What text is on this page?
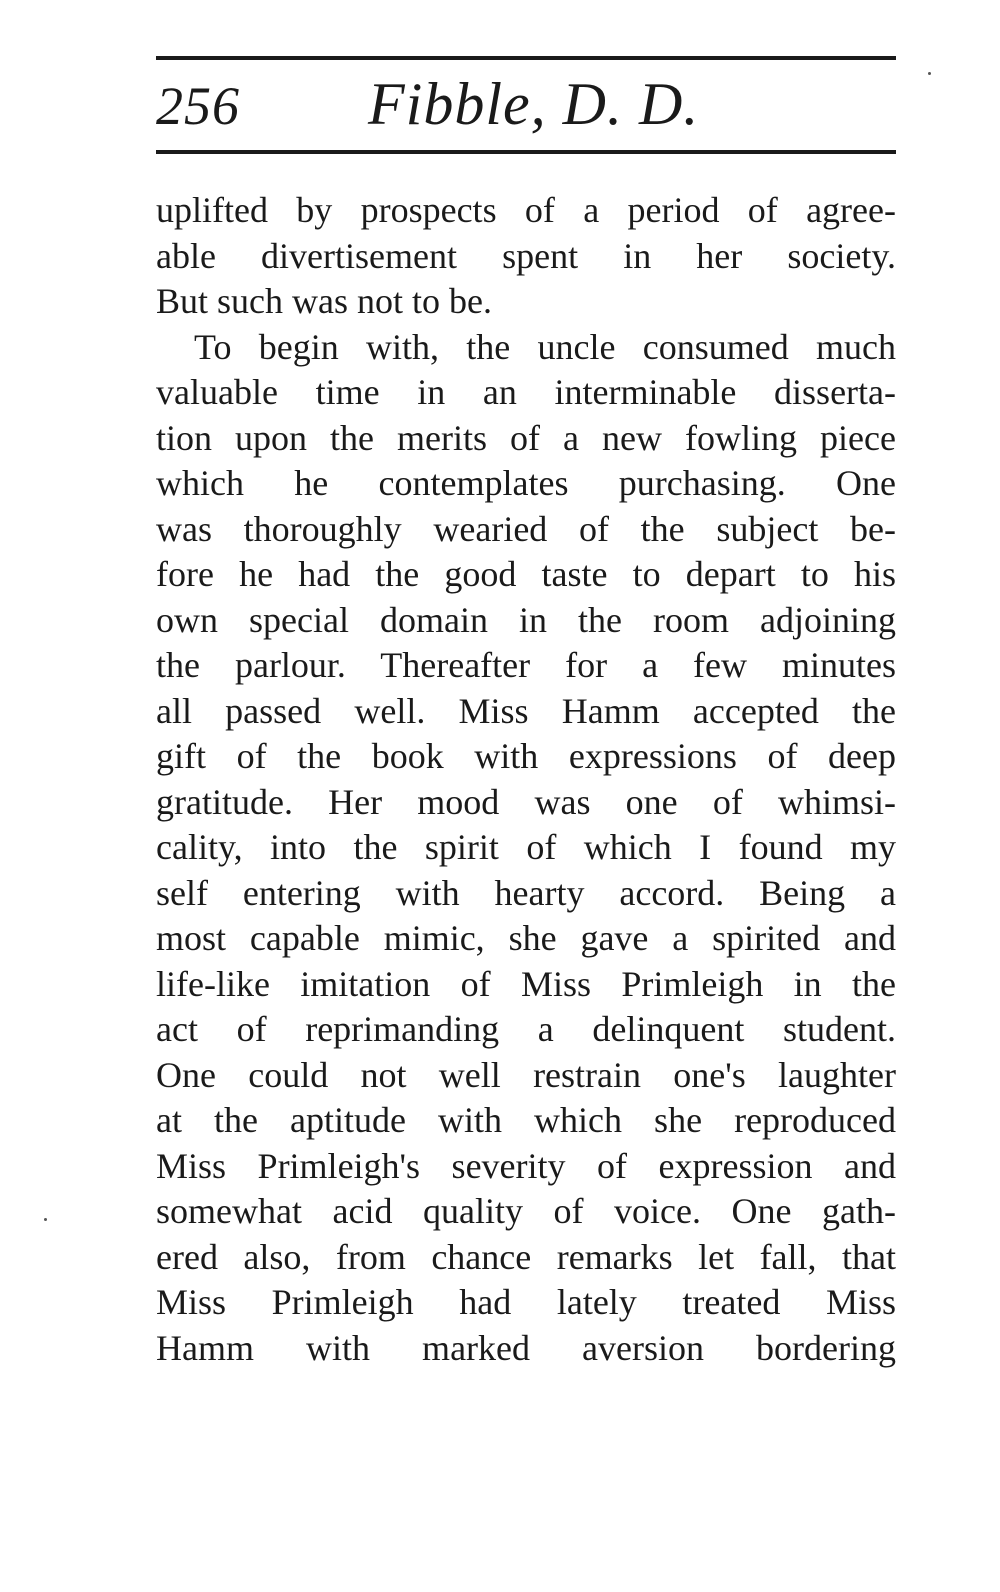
256 Fibble, D. D.
uplifted by prospects of a period of agree-
able divertisement spent in her society.
But such was not to be.
To begin with, the uncle consumed much
valuable time in an interminable disserta-
tion upon the merits of a new fowling piece
which he contemplates purchasing. One
was thoroughly wearied of the subject be-
fore he had the good taste to depart to his
own special domain in the room adjoining
the parlour. Thereafter for a few minutes
all passed well. Miss Hamm accepted the
gift of the book with expressions of deep
gratitude. Her mood was one of whimsi-
cality, into the spirit of which I found my
self entering with hearty accord. Being a
most capable mimic, she gave a spirited and
life-like imitation of Miss Primleigh in the
act of reprimanding a delinquent student.
One could not well restrain one's laughter
at the aptitude with which she reproduced
Miss Primleigh's severity of expression and
somewhat acid quality of voice. One gath-
ered also, from chance remarks let fall, that
Miss Primleigh had lately treated Miss
Hamm with marked aversion bordering
